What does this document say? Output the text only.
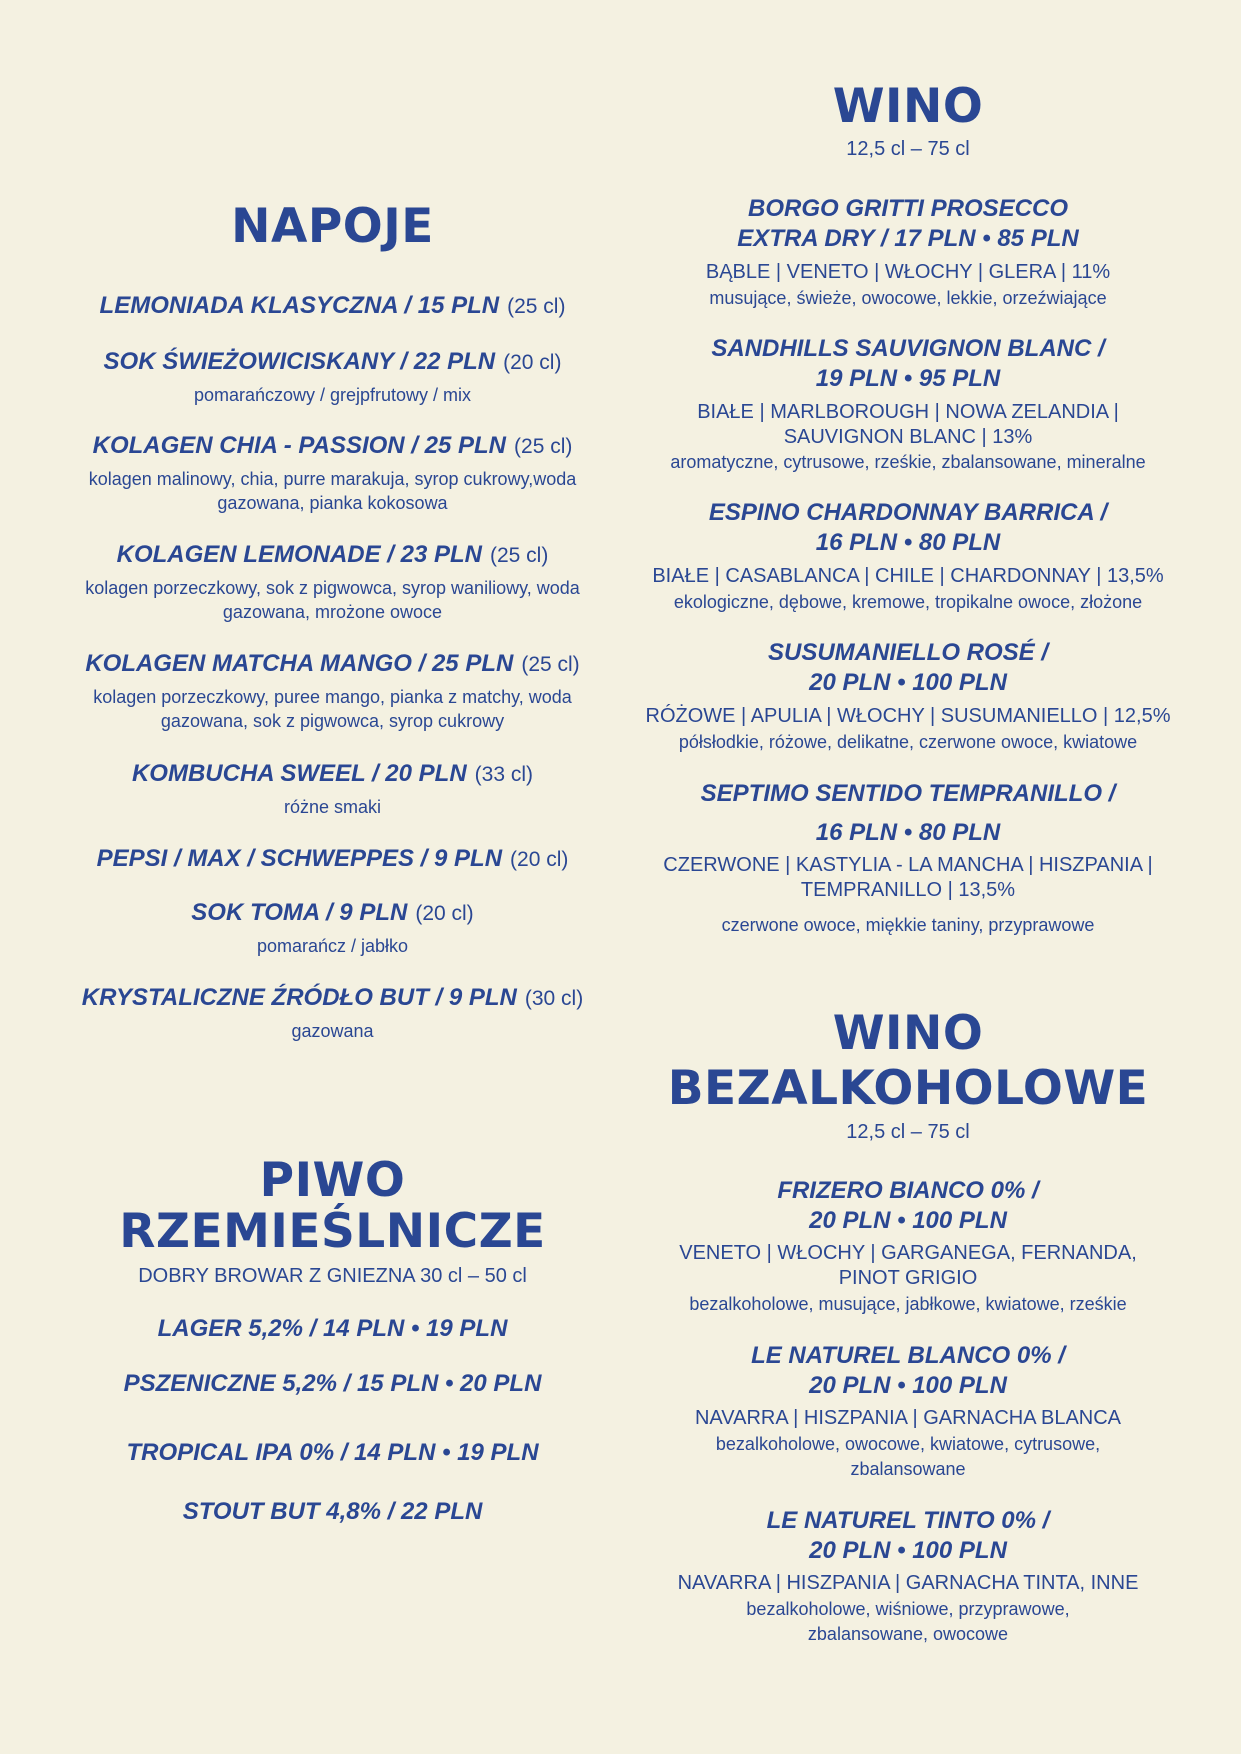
NAPOJE
LEMONIADA KLASYCZNA / 15 PLN (25 cl)
SOK ŚWIEŻOWICISKANY / 22 PLN (20 cl)
pomarańczowy / grejpfrutowy / mix
KOLAGEN CHIA - PASSION / 25 PLN (25 cl)
kolagen malinowy, chia, purre marakuja, syrop cukrowy,woda
gazowana, pianka kokosowa
KOLAGEN LEMONADE / 23 PLN (25 cl)
kolagen porzeczkowy, sok z pigwowca, syrop waniliowy, woda
gazowana, mrożone owoce
KOLAGEN MATCHA MANGO / 25 PLN (25 cl)
kolagen porzeczkowy, puree mango, pianka z matchy, woda
gazowana, sok z pigwowca, syrop cukrowy
KOMBUCHA SWEEL / 20 PLN (33 cl)
różne smaki
PEPSI / MAX / SCHWEPPES / 9 PLN (20 cl)
SOK TOMA / 9 PLN (20 cl)
pomarańcz / jabłko
KRYSTALICZNE ŹRÓDŁO BUT / 9 PLN (30 cl)
gazowana
PIWO
RZEMIEŚLNICZE
DOBRY BROWAR Z GNIEZNA 30 cl – 50 cl
LAGER 5,2% / 14 PLN • 19 PLN
PSZENICZNE 5,2% / 15 PLN • 20 PLN
TROPICAL IPA 0% / 14 PLN • 19 PLN
STOUT BUT 4,8% / 22 PLN
WINO
12,5 cl – 75 cl
BORGO GRITTI PROSECCO
EXTRA DRY / 17 PLN • 85 PLN
BĄBLE | VENETO | WŁOCHY | GLERA | 11%
musujące, świeże, owocowe, lekkie, orzeźwiające
SANDHILLS SAUVIGNON BLANC /
19 PLN • 95 PLN
BIAŁE | MARLBOROUGH | NOWA ZELANDIA |
SAUVIGNON BLANC | 13%
aromatyczne, cytrusowe, rześkie, zbalansowane, mineralne
ESPINO CHARDONNAY BARRICA /
16 PLN • 80 PLN
BIAŁE | CASABLANCA | CHILE | CHARDONNAY | 13,5%
ekologiczne, dębowe, kremowe, tropikalne owoce, złożone
SUSUMANIELLO ROSÉ /
20 PLN • 100 PLN
RÓŻOWE | APULIA | WŁOCHY | SUSUMANIELLO | 12,5%
półsłodkie, różowe, delikatne, czerwone owoce, kwiatowe
SEPTIMO SENTIDO TEMPRANILLO /
16 PLN • 80 PLN
CZERWONE | KASTYLIA - LA MANCHA | HISZPANIA |
TEMPRANILLO | 13,5%
czerwone owoce, miękkie taniny, przyprawowe
WINO
BEZALKOHOLOWE
12,5 cl – 75 cl
FRIZERO BIANCO 0% /
20 PLN • 100 PLN
VENETO | WŁOCHY | GARGANEGA, FERNANDA,
PINOT GRIGIO
bezalkoholowe, musujące, jabłkowe, kwiatowe, rześkie
LE NATUREL BLANCO 0% /
20 PLN • 100 PLN
NAVARRA | HISZPANIA | GARNACHA BLANCA
bezalkoholowe, owocowe, kwiatowe, cytrusowe,
zbalansowane
LE NATUREL TINTO 0% /
20 PLN • 100 PLN
NAVARRA | HISZPANIA | GARNACHA TINTA, INNE
bezalkoholowe, wiśniowe, przyprawowe,
zbalansowane, owocowe
